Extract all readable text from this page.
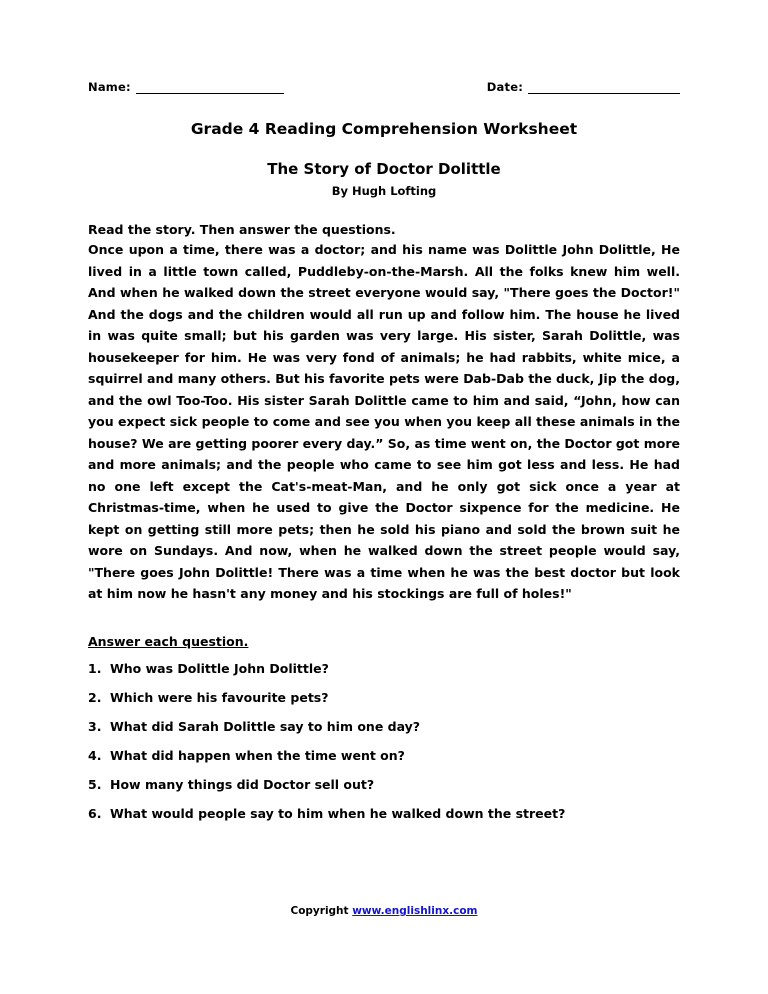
Name:	Date:
Grade 4 Reading Comprehension Worksheet
The Story of Doctor Dolittle
By Hugh Lofting

Read the story. Then answer the questions.

Once upon a time, there was a doctor; and his name was Dolittle John Dolittle, He lived in a little town called, Puddleby-on-the-Marsh. All the folks knew him well. And when he walked down the street everyone would say, "There goes the Doctor!" And the dogs and the children would all run up and follow him. The house he lived in was quite small; but his garden was very large. His sister, Sarah Dolittle, was housekeeper for him. He was very fond of animals; he had rabbits, white mice, a squirrel and many others. But his favorite pets were Dab-Dab the duck, Jip the dog, and the owl Too-Too. His sister Sarah Dolittle came to him and said, “John, how can you expect sick people to come and see you when you keep all these animals in the house? We are getting poorer every day.” So, as time went on, the Doctor got more and more animals; and the people who came to see him got less and less. He had no one left except the Cat's-meat-Man, and he only got sick once a year at Christmas-time, when he used to give the Doctor sixpence for the medicine. He kept on getting still more pets; then he sold his piano and sold the brown suit he wore on Sundays. And now, when he walked down the street people would say, "There goes John Dolittle! There was a time when he was the best doctor but look at him now he hasn't any money and his stockings are full of holes!"

Answer each question.
1. Who was Dolittle John Dolittle?
2. Which were his favourite pets?
3. What did Sarah Dolittle say to him one day?
4. What did happen when the time went on?
5. How many things did Doctor sell out?
6. What would people say to him when he walked down the street?
Copyright www.englishlinx.com
